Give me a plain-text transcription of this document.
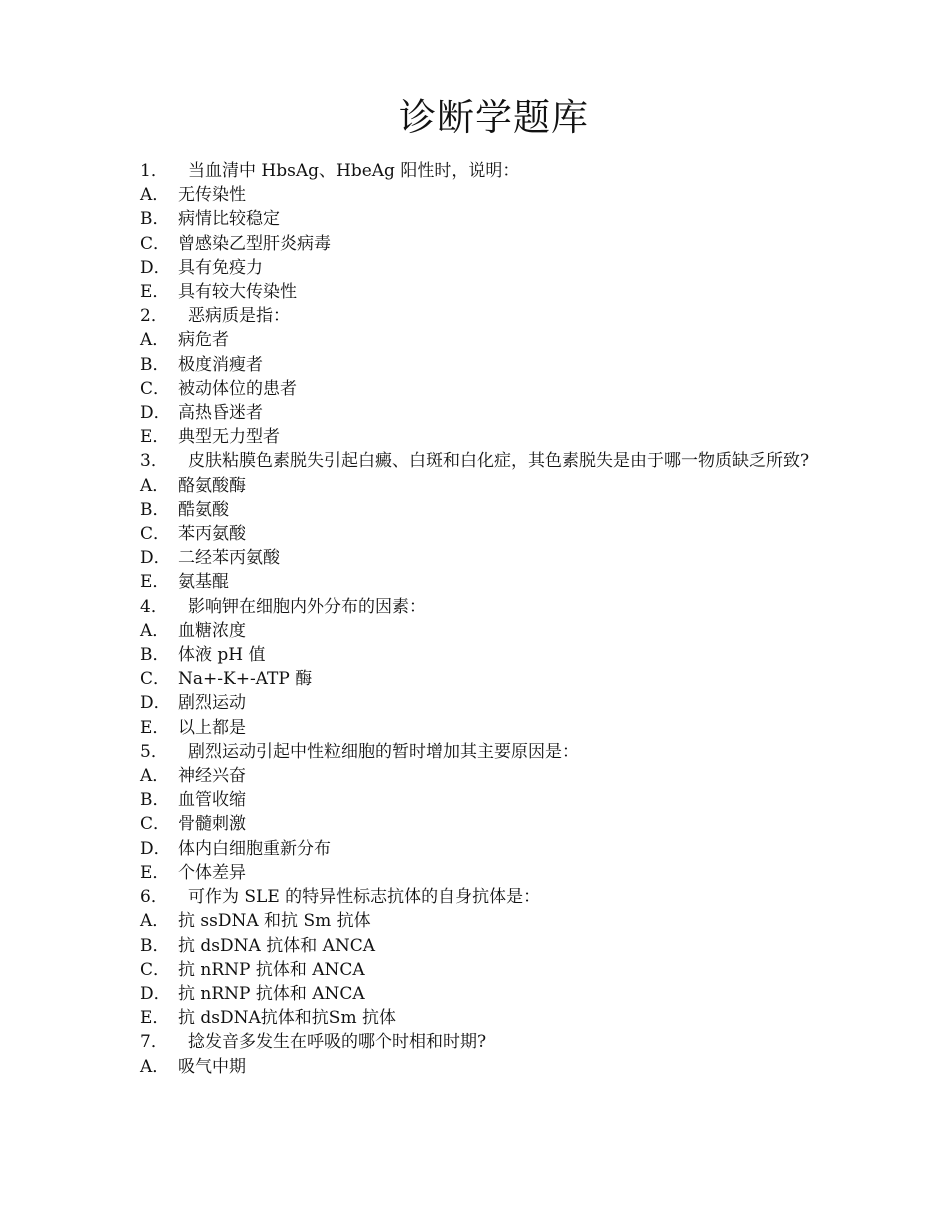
诊断学题库

1． 当血清中 HbsAg、HbeAg 阳性时，说明：

A． 无传染性

B． 病情比较稳定

C． 曾感染乙型肝炎病毒

D． 具有免疫力

E． 具有较大传染性

2． 恶病质是指：

A． 病危者

B． 极度消瘦者

C． 被动体位的患者

D． 高热昏迷者

E． 典型无力型者

3． 皮肤粘膜色素脱失引起白癜、白斑和白化症，其色素脱失是由于哪一物质缺乏所致?

A． 酪氨酸酶

B． 酷氨酸

C． 苯丙氨酸

D． 二经苯丙氨酸

E． 氨基醌

4． 影响钾在细胞内外分布的因素：

A． 血糖浓度

B． 体液 pH 值

C． Na+-K+-ATP 酶

D． 剧烈运动

E． 以上都是

5． 剧烈运动引起中性粒细胞的暂时增加其主要原因是：

A． 神经兴奋

B． 血管收缩

C． 骨髓刺激

D． 体内白细胞重新分布

E． 个体差异

6． 可作为 SLE 的特异性标志抗体的自身抗体是：

A． 抗 ssDNA 和抗 Sm 抗体

B． 抗 dsDNA 抗体和 ANCA

C． 抗 nRNP 抗体和 ANCA

D． 抗 nRNP 抗体和 ANCA

E． 抗 dsDNA抗体和抗Sm 抗体

7． 捻发音多发生在呼吸的哪个时相和时期?

A． 吸气中期
